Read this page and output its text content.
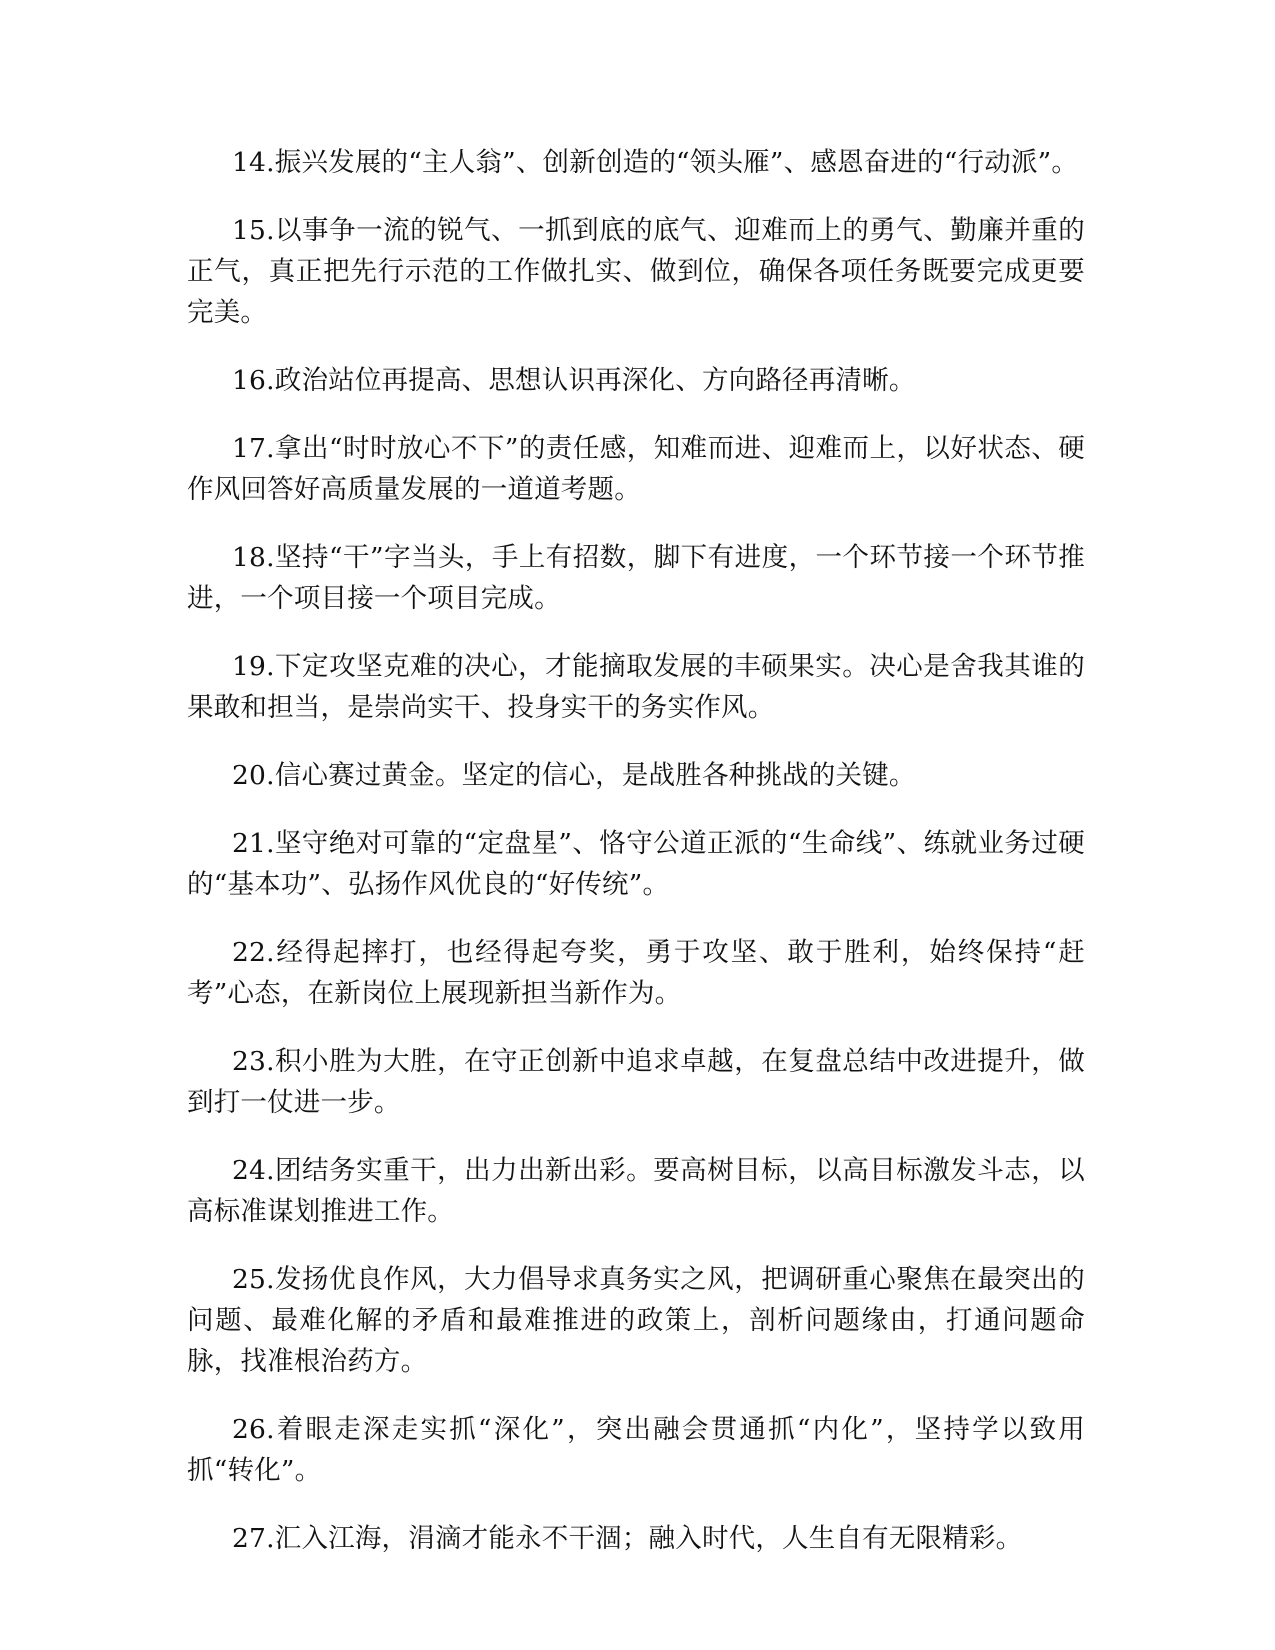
14.振兴发展的“主人翁”、创新创造的“领头雁”、感恩奋进的“行动派”。

15.以事争一流的锐气、一抓到底的底气、迎难而上的勇气、勤廉并重的正气，真正把先行示范的工作做扎实、做到位，确保各项任务既要完成更要完美。

16.政治站位再提高、思想认识再深化、方向路径再清晰。

17.拿出“时时放心不下”的责任感，知难而进、迎难而上，以好状态、硬作风回答好高质量发展的一道道考题。

18.坚持“干”字当头，手上有招数，脚下有进度，一个环节接一个环节推进，一个项目接一个项目完成。

19.下定攻坚克难的决心，才能摘取发展的丰硕果实。决心是舍我其谁的果敢和担当，是崇尚实干、投身实干的务实作风。

20.信心赛过黄金。坚定的信心，是战胜各种挑战的关键。

21.坚守绝对可靠的“定盘星”、恪守公道正派的“生命线”、练就业务过硬的“基本功”、弘扬作风优良的“好传统”。

22.经得起摔打，也经得起夸奖，勇于攻坚、敢于胜利，始终保持“赶考”心态，在新岗位上展现新担当新作为。

23.积小胜为大胜，在守正创新中追求卓越，在复盘总结中改进提升，做到打一仗进一步。

24.团结务实重干，出力出新出彩。要高树目标，以高目标激发斗志，以高标准谋划推进工作。

25.发扬优良作风，大力倡导求真务实之风，把调研重心聚焦在最突出的问题、最难化解的矛盾和最难推进的政策上，剖析问题缘由，打通问题命脉，找准根治药方。

26.着眼走深走实抓“深化”，突出融会贯通抓“内化”，坚持学以致用抓“转化”。

27.汇入江海，涓滴才能永不干涸；融入时代，人生自有无限精彩。
